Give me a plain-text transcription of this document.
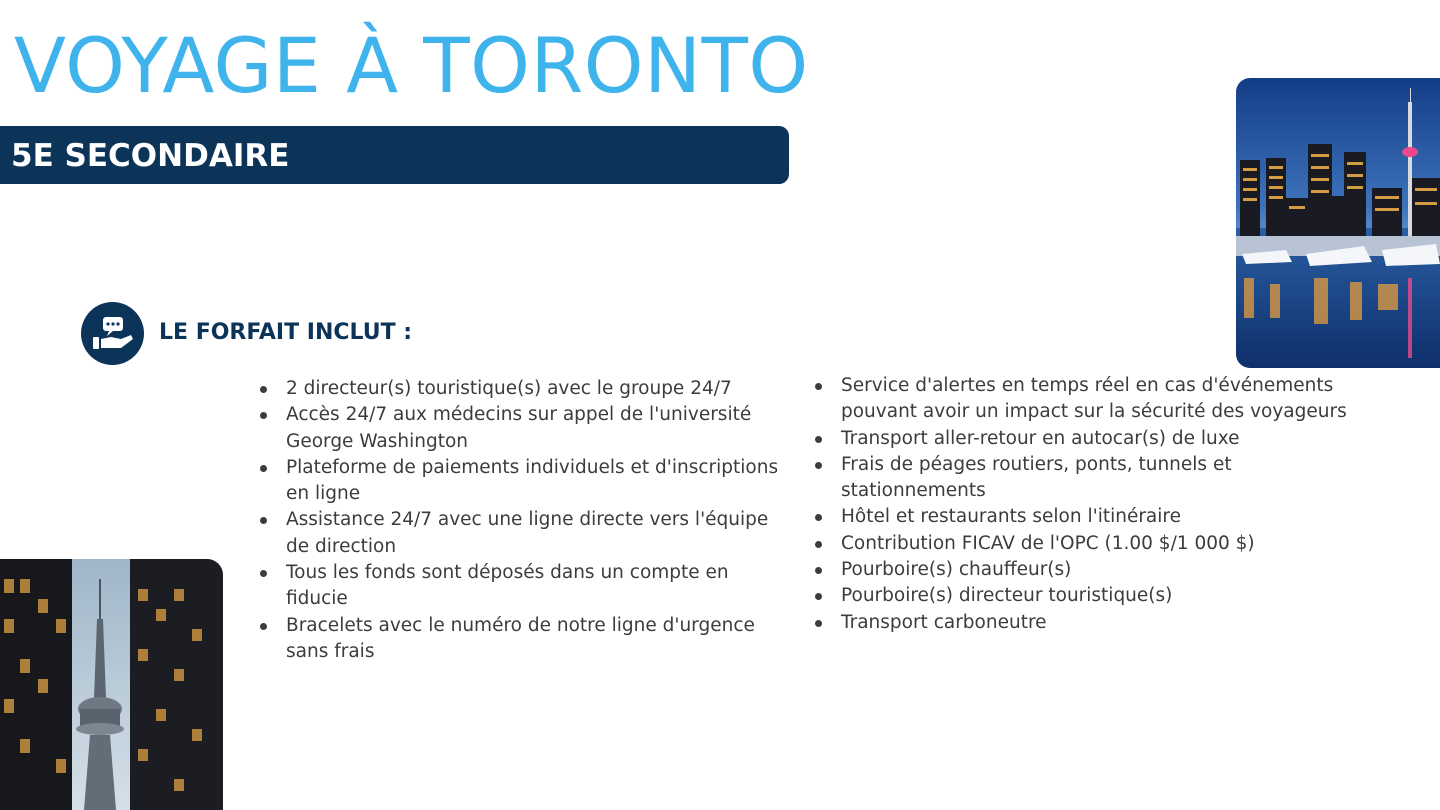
VOYAGE À TORONTO
5E SECONDAIRE
LE FORFAIT INCLUT :
2 directeur(s) touristique(s) avec le groupe 24/7
Accès 24/7 aux médecins sur appel de l'université George Washington
Plateforme de paiements individuels et d'inscriptions en ligne
Assistance 24/7 avec une ligne directe vers l'équipe de direction
Tous les fonds sont déposés dans un compte en fiducie
Bracelets avec le numéro de notre ligne d'urgence sans frais
Service d'alertes en temps réel en cas d'événements pouvant avoir un impact sur la sécurité des voyageurs
Transport aller-retour en autocar(s) de luxe
Frais de péages routiers, ponts, tunnels et stationnements
Hôtel et restaurants selon l'itinéraire
Contribution FICAV de l'OPC (1.00 $/1 000 $)
Pourboire(s) chauffeur(s)
Pourboire(s) directeur touristique(s)
Transport carboneutre
